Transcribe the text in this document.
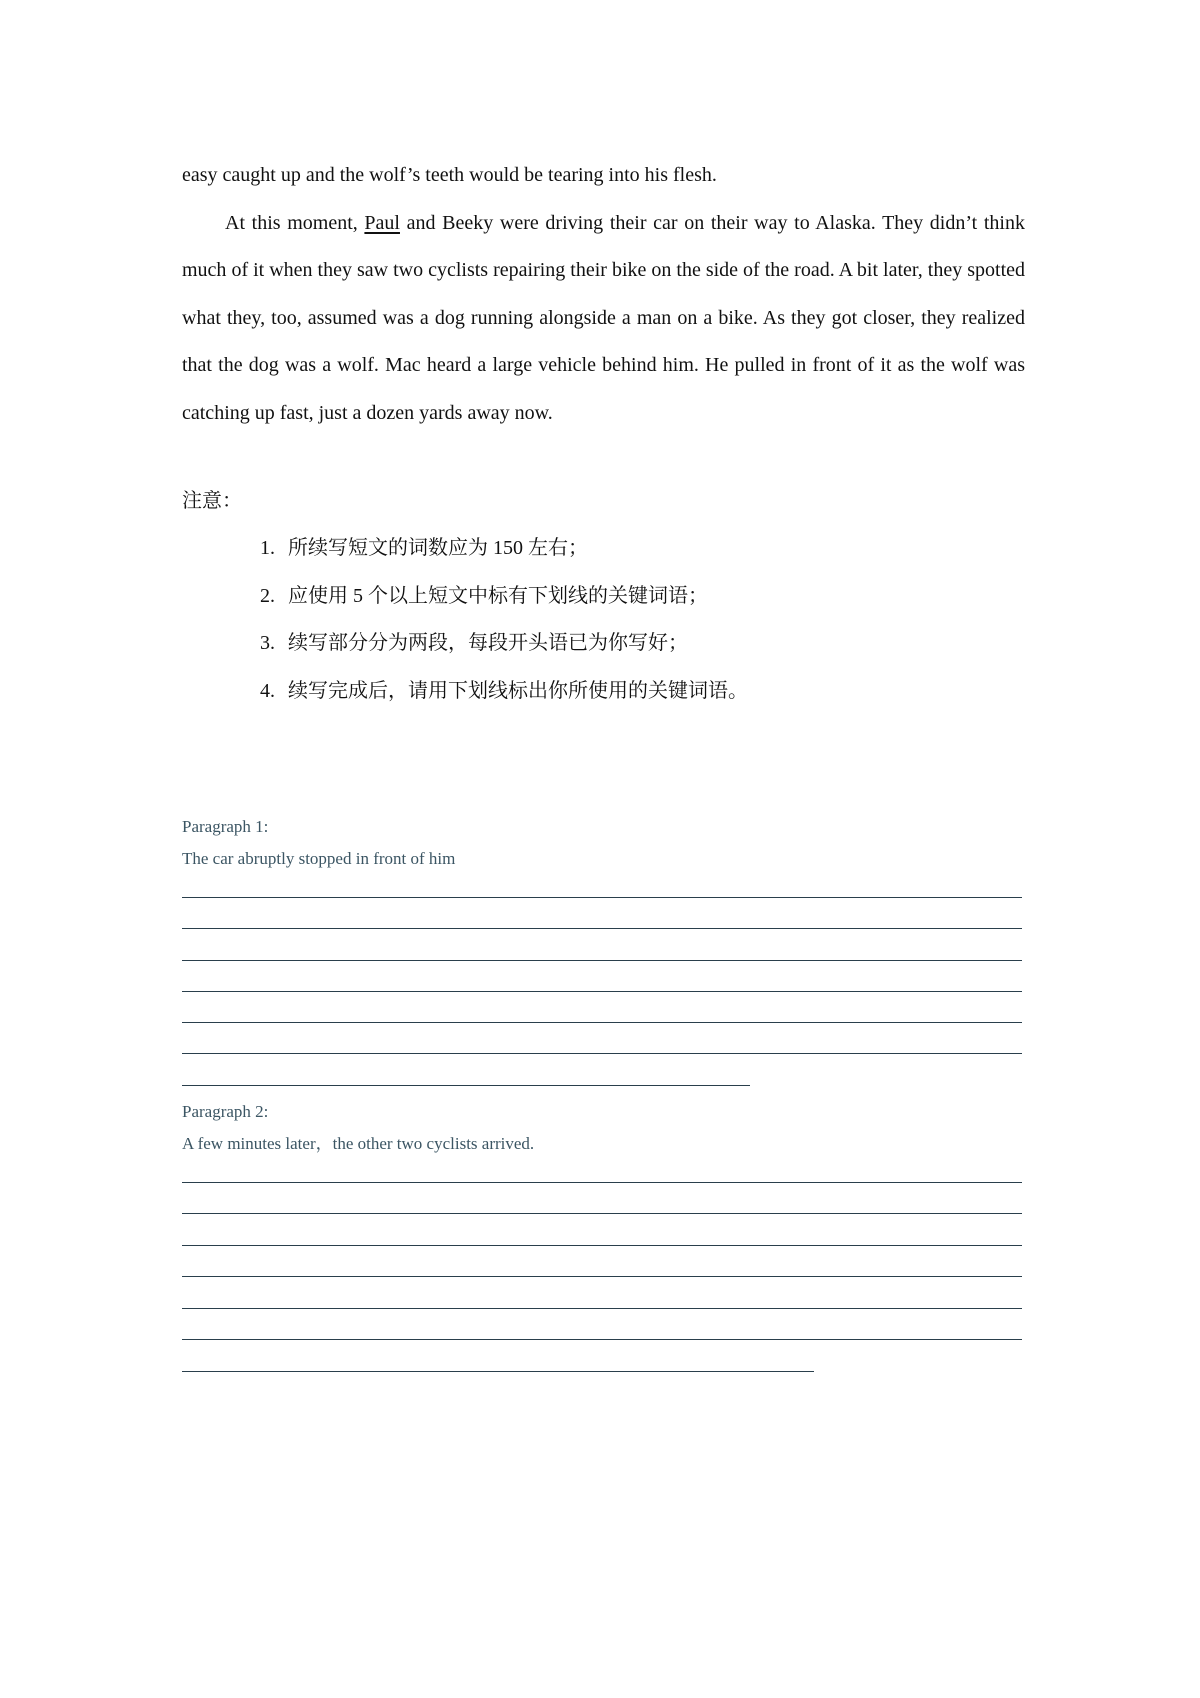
easy caught up and the wolf’s teeth would be tearing into his flesh.

At this moment, Paul and Beeky were driving their car on their way to Alaska. They didn’t think much of it when they saw two cyclists repairing their bike on the side of the road. A bit later, they spotted what they, too, assumed was a dog running alongside a man on a bike. As they got closer, they realized that the dog was a wolf. Mac heard a large vehicle behind him. He pulled in front of it as the wolf was catching up fast, just a dozen yards away now.

注意：
1. 所续写短文的词数应为 150 左右；
2. 应使用 5 个以上短文中标有下划线的关键词语；
3. 续写部分分为两段，每段开头语已为你写好；
4. 续写完成后，请用下划线标出你所使用的关键词语。
Paragraph 1:
The car abruptly stopped in front of him
Paragraph 2:
A few minutes later，the other two cyclists arrived.
